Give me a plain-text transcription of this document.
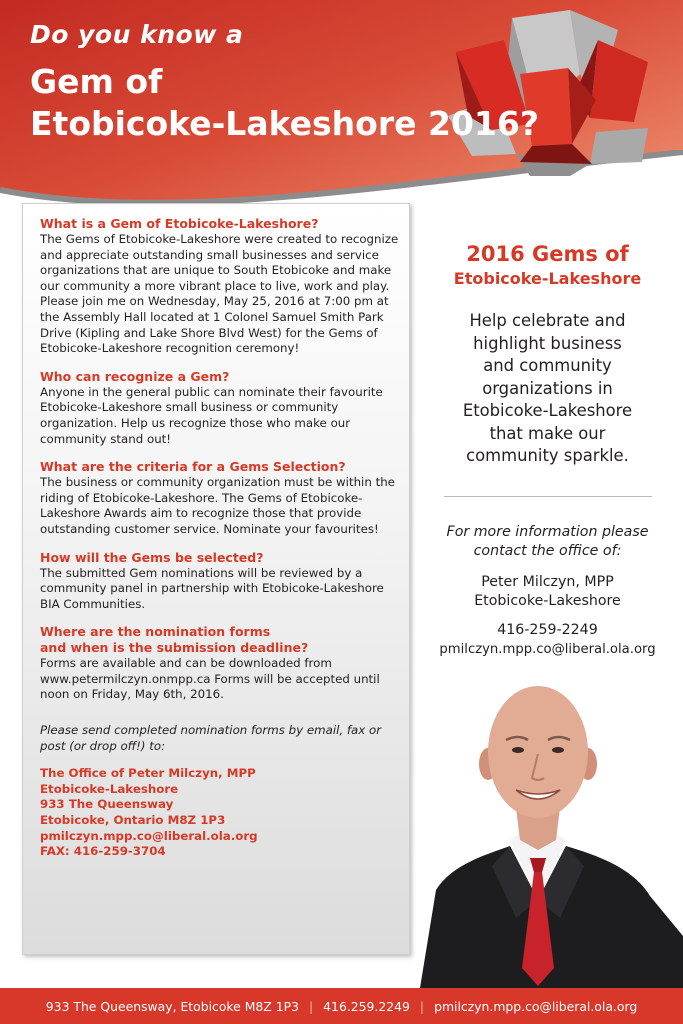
Do you know a

Gem of

Etobicoke-Lakeshore 2016?

What is a Gem of Etobicoke-Lakeshore?

The Gems of Etobicoke-Lakeshore were created to recognize and appreciate outstanding small businesses and service organizations that are unique to South Etobicoke and make our community a more vibrant place to live, work and play. Please join me on Wednesday, May 25, 2016 at 7:00 pm at the Assembly Hall located at 1 Colonel Samuel Smith Park Drive (Kipling and Lake Shore Blvd West) for the Gems of Etobicoke-Lakeshore recognition ceremony!

Who can recognize a Gem?

Anyone in the general public can nominate their favourite Etobicoke-Lakeshore small business or community organization. Help us recognize those who make our community stand out!

What are the criteria for a Gems Selection?

The business or community organization must be within the riding of Etobicoke-Lakeshore. The Gems of Etobicoke-Lakeshore Awards aim to recognize those that provide outstanding customer service. Nominate your favourites!

How will the Gems be selected?

The submitted Gem nominations will be reviewed by a community panel in partnership with Etobicoke-Lakeshore BIA Communities.

Where are the nomination forms

and when is the submission deadline?

Forms are available and can be downloaded from www.petermilczyn.onmpp.ca Forms will be accepted until noon on Friday, May 6th, 2016.

Please send completed nomination forms by email, fax or post (or drop off!) to:

The Office of Peter Milczyn, MPP

Etobicoke-Lakeshore

933 The Queensway

Etobicoke, Ontario M8Z 1P3

pmilczyn.mpp.co@liberal.ola.org

FAX: 416-259-3704

2016 Gems of

Etobicoke-Lakeshore

Help celebrate and
highlight business
and community
organizations in
Etobicoke-Lakeshore
that make our
community sparkle.
For more information please
contact the office of:
Peter Milczyn, MPP
Etobicoke-Lakeshore
416-259-2249
pmilczyn.mpp.co@liberal.ola.org
933 The Queensway, Etobicoke M8Z 1P3 | 416.259.2249 | pmilczyn.mpp.co@liberal.ola.org
